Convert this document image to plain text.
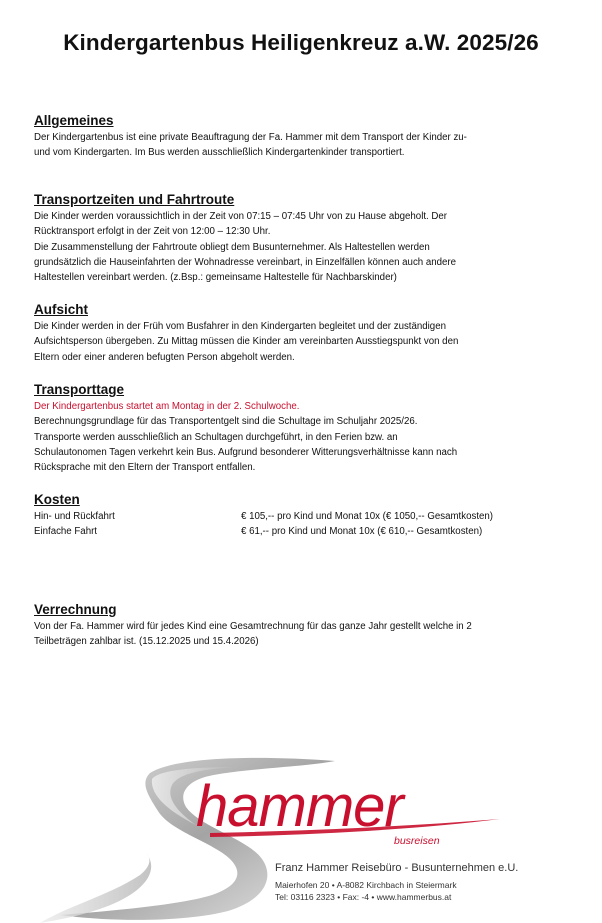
Kindergartenbus Heiligenkreuz a.W. 2025/26
Allgemeines

Der Kindergartenbus ist eine private Beauftragung der Fa. Hammer mit dem Transport der Kinder zu-

und vom Kindergarten. Im Bus werden ausschließlich Kindergartenkinder transportiert.

Transportzeiten und Fahrtroute

Die Kinder werden voraussichtlich in der Zeit von 07:15 – 07:45 Uhr von zu Hause abgeholt. Der

Rücktransport erfolgt in der Zeit von 12:00 – 12:30 Uhr.

Die Zusammenstellung der Fahrtroute obliegt dem Busunternehmer. Als Haltestellen werden

grundsätzlich die Hauseinfahrten der Wohnadresse vereinbart, in Einzelfällen können auch andere

Haltestellen vereinbart werden. (z.Bsp.: gemeinsame Haltestelle für Nachbarskinder)

Aufsicht

Die Kinder werden in der Früh vom Busfahrer in den Kindergarten begleitet und der zuständigen

Aufsichtsperson übergeben. Zu Mittag müssen die Kinder am vereinbarten Ausstiegspunkt von den

Eltern oder einer anderen befugten Person abgeholt werden.

Transporttage

Der Kindergartenbus startet am Montag in der 2. Schulwoche.

Berechnungsgrundlage für das Transportentgelt sind die Schultage im Schuljahr 2025/26.

Transporte werden ausschließlich an Schultagen durchgeführt, in den Ferien bzw. an

Schulautonomen Tagen verkehrt kein Bus. Aufgrund besonderer Witterungsverhältnisse kann nach

Rücksprache mit den Eltern der Transport entfallen.

Kosten
Hin- und Rückfahrt	€ 105,-- pro Kind und Monat 10x (€ 1050,-- Gesamtkosten)
Einfache Fahrt	€ 61,-- pro Kind und Monat 10x (€ 610,-- Gesamtkosten)
Verrechnung

Von der Fa. Hammer wird für jedes Kind eine Gesamtrechnung für das ganze Jahr gestellt welche in 2

Teilbeträgen zahlbar ist. (15.12.2025 und 15.4.2026)

hammer
busreisen
Franz Hammer Reisebüro - Busunternehmen e.U.
Maierhofen 20 • A-8082 Kirchbach in Steiermark
Tel: 03116 2323 • Fax: -4 • www.hammerbus.at
